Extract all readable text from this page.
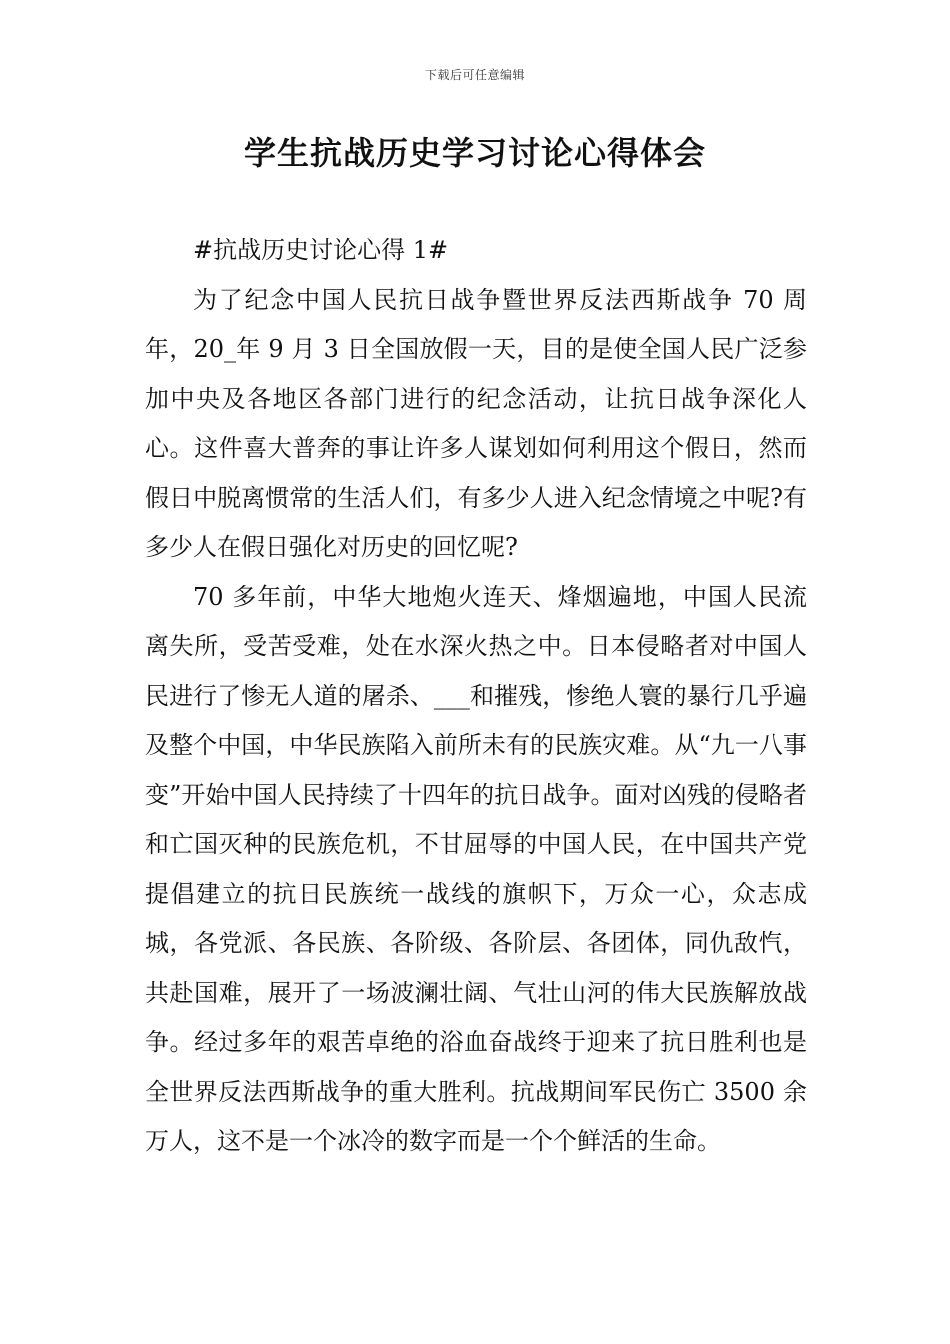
下载后可任意编辑
学生抗战历史学习讨论心得体会

#抗战历史讨论心得 1#

为了纪念中国人民抗日战争暨世界反法西斯战争 70 周年，20_年 9 月 3 日全国放假一天，目的是使全国人民广泛参加中央及各地区各部门进行的纪念活动，让抗日战争深化人心。这件喜大普奔的事让许多人谋划如何利用这个假日，然而假日中脱离惯常的生活人们，有多少人进入纪念情境之中呢?有多少人在假日强化对历史的回忆呢?

70 多年前，中华大地炮火连天、烽烟遍地，中国人民流离失所，受苦受难，处在水深火热之中。日本侵略者对中国人民进行了惨无人道的屠杀、___和摧残，惨绝人寰的暴行几乎遍及整个中国，中华民族陷入前所未有的民族灾难。从“九一八事变”开始中国人民持续了十四年的抗日战争。面对凶残的侵略者和亡国灭种的民族危机，不甘屈辱的中国人民，在中国共产党提倡建立的抗日民族统一战线的旗帜下，万众一心，众志成城，各党派、各民族、各阶级、各阶层、各团体，同仇敌忾，共赴国难，展开了一场波澜壮阔、气壮山河的伟大民族解放战争。经过多年的艰苦卓绝的浴血奋战终于迎来了抗日胜利也是全世界反法西斯战争的重大胜利。抗战期间军民伤亡 3500 余万人，这不是一个冰冷的数字而是一个个鲜活的生命。
